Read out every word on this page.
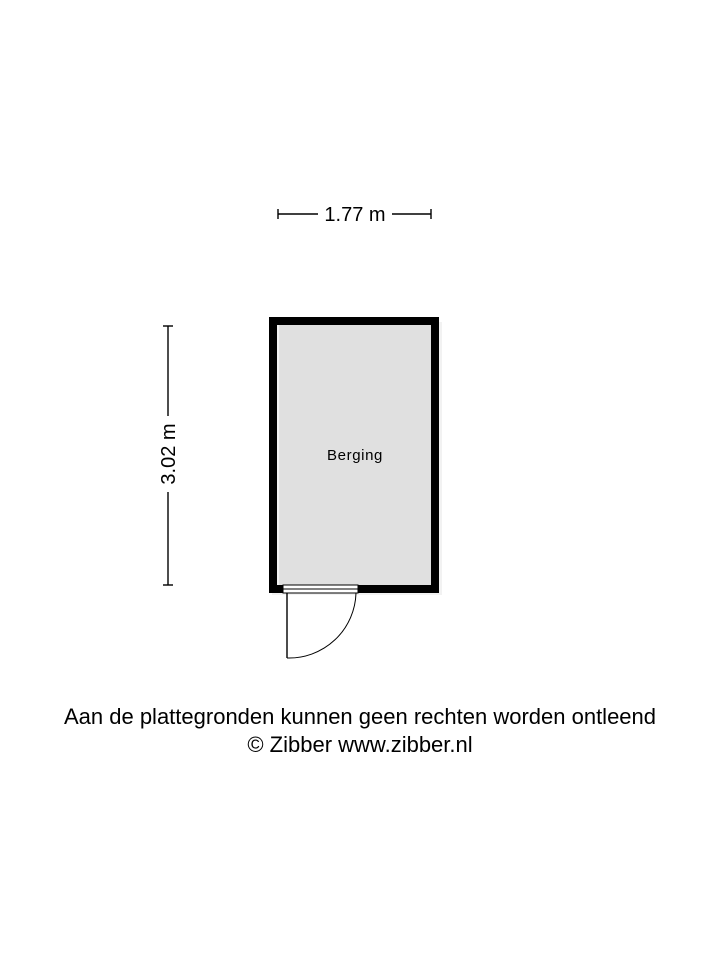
1.77 m
3.02 m	Berging
Aan de plattegronden kunnen geen rechten worden ontleend
© Zibber www.zibber.nl
